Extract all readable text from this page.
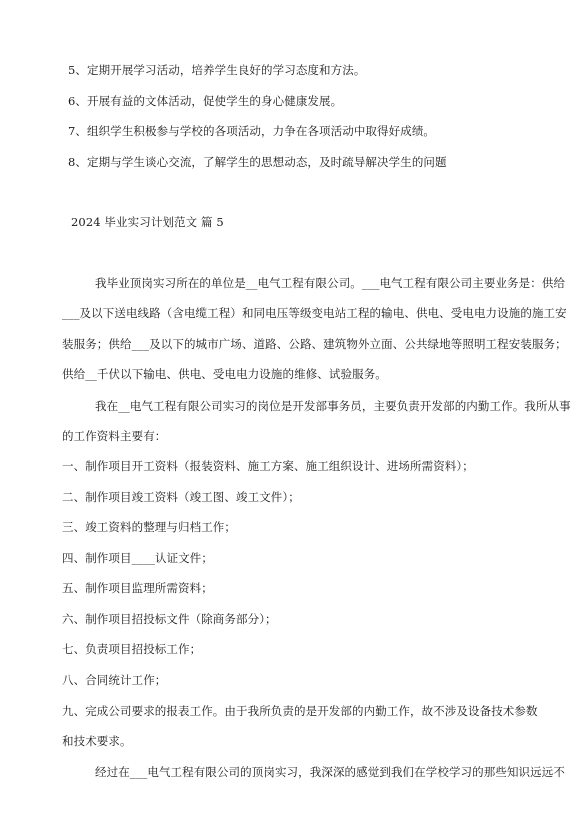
5、定期开展学习活动，培养学生良好的学习态度和方法。
6、开展有益的文体活动，促使学生的身心健康发展。
7、组织学生积极参与学校的各项活动，力争在各项活动中取得好成绩。
8、定期与学生谈心交流，了解学生的思想动态，及时疏导解决学生的问题
2024 毕业实习计划范文 篇 5
我毕业顶岗实习所在的单位是__电气工程有限公司。___电气工程有限公司主要业务是：供给
___及以下送电线路（含电缆工程）和同电压等级变电站工程的输电、供电、受电电力设施的施工安
装服务；供给___及以下的城市广场、道路、公路、建筑物外立面、公共绿地等照明工程安装服务；
供给__千伏以下输电、供电、受电电力设施的维修、试验服务。
我在__电气工程有限公司实习的岗位是开发部事务员，主要负责开发部的内勤工作。我所从事
的工作资料主要有：
一、制作项目开工资料（报装资料、施工方案、施工组织设计、进场所需资料）；
二、制作项目竣工资料（竣工图、竣工文件）；
三、竣工资料的整理与归档工作；
四、制作项目____认证文件；
五、制作项目监理所需资料；
六、制作项目招投标文件（除商务部分）；
七、负责项目招投标工作；
八、合同统计工作；
九、完成公司要求的报表工作。由于我所负责的是开发部的内勤工作，故不涉及设备技术参数
和技术要求。
经过在___电气工程有限公司的顶岗实习，我深深的感觉到我们在学校学习的那些知识远远不
